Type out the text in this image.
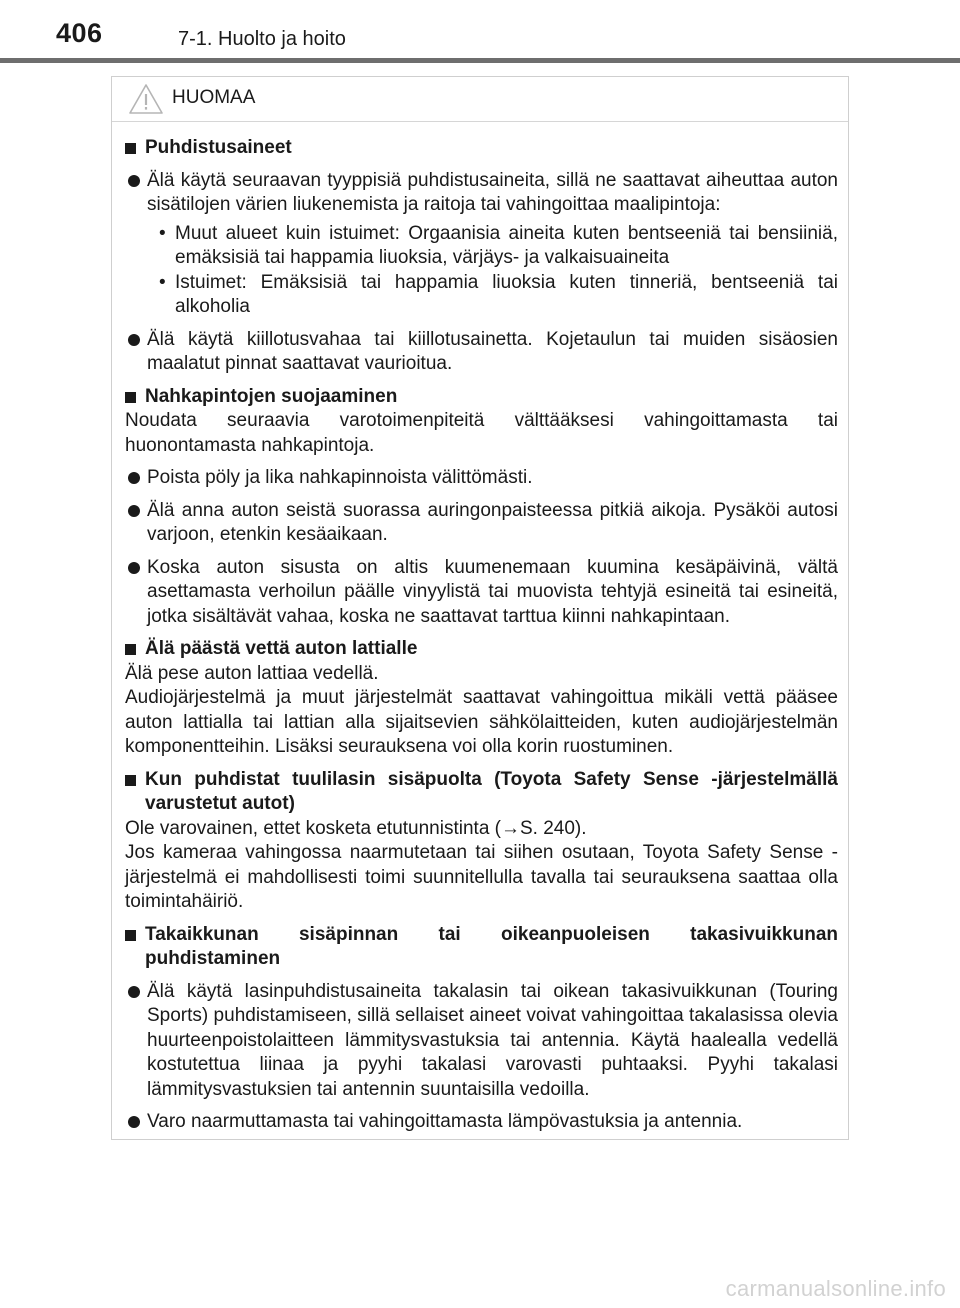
406	7-1. Huolto ja hoito
HUOMAA
Puhdistusaineet
Älä käytä seuraavan tyyppisiä puhdistusaineita, sillä ne saattavat aiheuttaa auton sisätilojen värien liukenemista ja raitoja tai vahingoittaa maalipintoja:
• Muut alueet kuin istuimet: Orgaanisia aineita kuten bentseeniä tai bensiiniä, emäksisiä tai happamia liuoksia, värjäys- ja valkaisuaineita
• Istuimet: Emäksisiä tai happamia liuoksia kuten tinneriä, bentseeniä tai alkoholia
Älä käytä kiillotusvahaa tai kiillotusainetta. Kojetaulun tai muiden sisäosien maalatut pinnat saattavat vaurioitua.
Nahkapintojen suojaaminen

Noudata seuraavia varotoimenpiteitä välttääksesi vahingoittamasta tai huonontamasta nahkapintoja.

Poista pöly ja lika nahkapinnoista välittömästi.
Älä anna auton seistä suorassa auringonpaisteessa pitkiä aikoja. Pysäköi autosi varjoon, etenkin kesäaikaan.
Koska auton sisusta on altis kuumenemaan kuumina kesäpäivinä, vältä asettamasta verhoilun päälle vinyylistä tai muovista tehtyjä esineitä tai esineitä, jotka sisältävät vahaa, koska ne saattavat tarttua kiinni nahkapintaan.
Älä päästä vettä auton lattialle

Älä pese auton lattiaa vedellä.

Audiojärjestelmä ja muut järjestelmät saattavat vahingoittua mikäli vettä pääsee auton lattialla tai lattian alla sijaitsevien sähkölaitteiden, kuten audiojärjestelmän komponentteihin. Lisäksi seurauksena voi olla korin ruostuminen.

Kun puhdistat tuulilasin sisäpuolta (Toyota Safety Sense -järjestelmällä varustetut autot)

Ole varovainen, ettet kosketa etutunnistinta (→S. 240).

Jos kameraa vahingossa naarmutetaan tai siihen osutaan, Toyota Safety Sense -järjestelmä ei mahdollisesti toimi suunnitellulla tavalla tai seurauksena saattaa olla toimintahäiriö.

Takaikkunan sisäpinnan tai oikeanpuoleisen takasivuikkunan puhdistaminen
Älä käytä lasinpuhdistusaineita takalasin tai oikean takasivuikkunan (Touring Sports) puhdistamiseen, sillä sellaiset aineet voivat vahingoittaa takalasissa olevia huurteenpoistolaitteen lämmitysvastuksia tai antennia. Käytä haalealla vedellä kostutettua liinaa ja pyyhi takalasi varovasti puhtaaksi. Pyyhi takalasi lämmitysvastuksien tai antennin suuntaisilla vedoilla.
Varo naarmuttamasta tai vahingoittamasta lämpövastuksia ja antennia.
carmanualsonline.info
